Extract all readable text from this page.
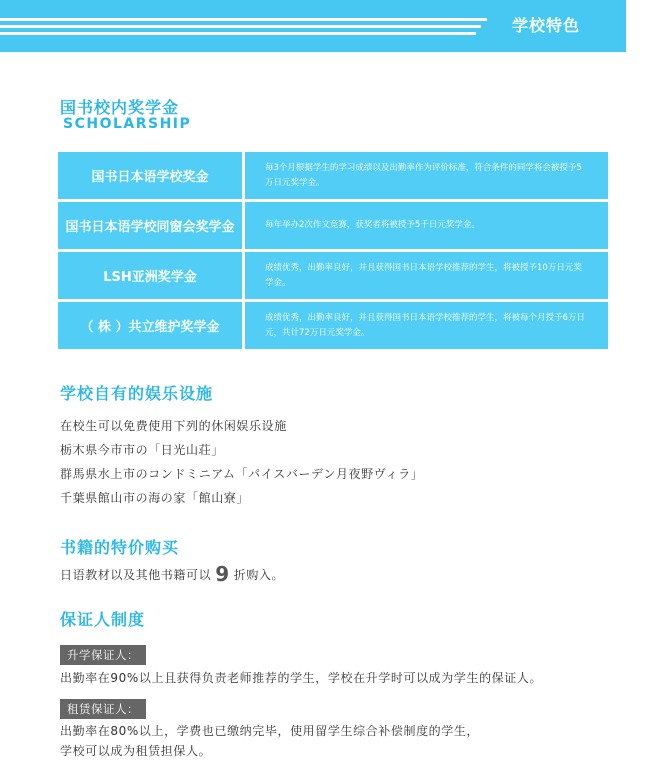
学校特色
国书校内奖学金
SCHOLARSHIP
国书日本语学校奖金
每3个月根据学生的学习成绩以及出勤率作为评价标准，符合条件的同学将会被授予5万日元奖学金。
国书日本语学校同窗会奖学金	每年举办2次作文竞赛，获奖者将被授予5千日元奖学金。
LSH亚洲奖学金
成绩优秀，出勤率良好，并且获得国书日本语学校推荐的学生，将被授予10万日元奖学金。
（ 株 ）共立维护奖学金
成绩优秀，出勤率良好，并且获得国书日本语学校推荐的学生，将被每个月授予6万日元，共计72万日元奖学金。
学校自有的娱乐设施
在校生可以免费使用下列的休闲娱乐设施
栃木県今市市の「日光山荘」
群馬県水上市のコンドミニアム「パイスバーデン月夜野ヴィラ」
千葉県館山市の海の家「館山寮」
书籍的特价购买
日语教材以及其他书籍可以 9 折购入。
保证人制度
升学保证人：
出勤率在90%以上且获得负责老师推荐的学生，学校在升学时可以成为学生的保证人。
租赁保证人：
出勤率在80%以上，学费也已缴纳完毕，使用留学生综合补偿制度的学生，
学校可以成为租赁担保人。
